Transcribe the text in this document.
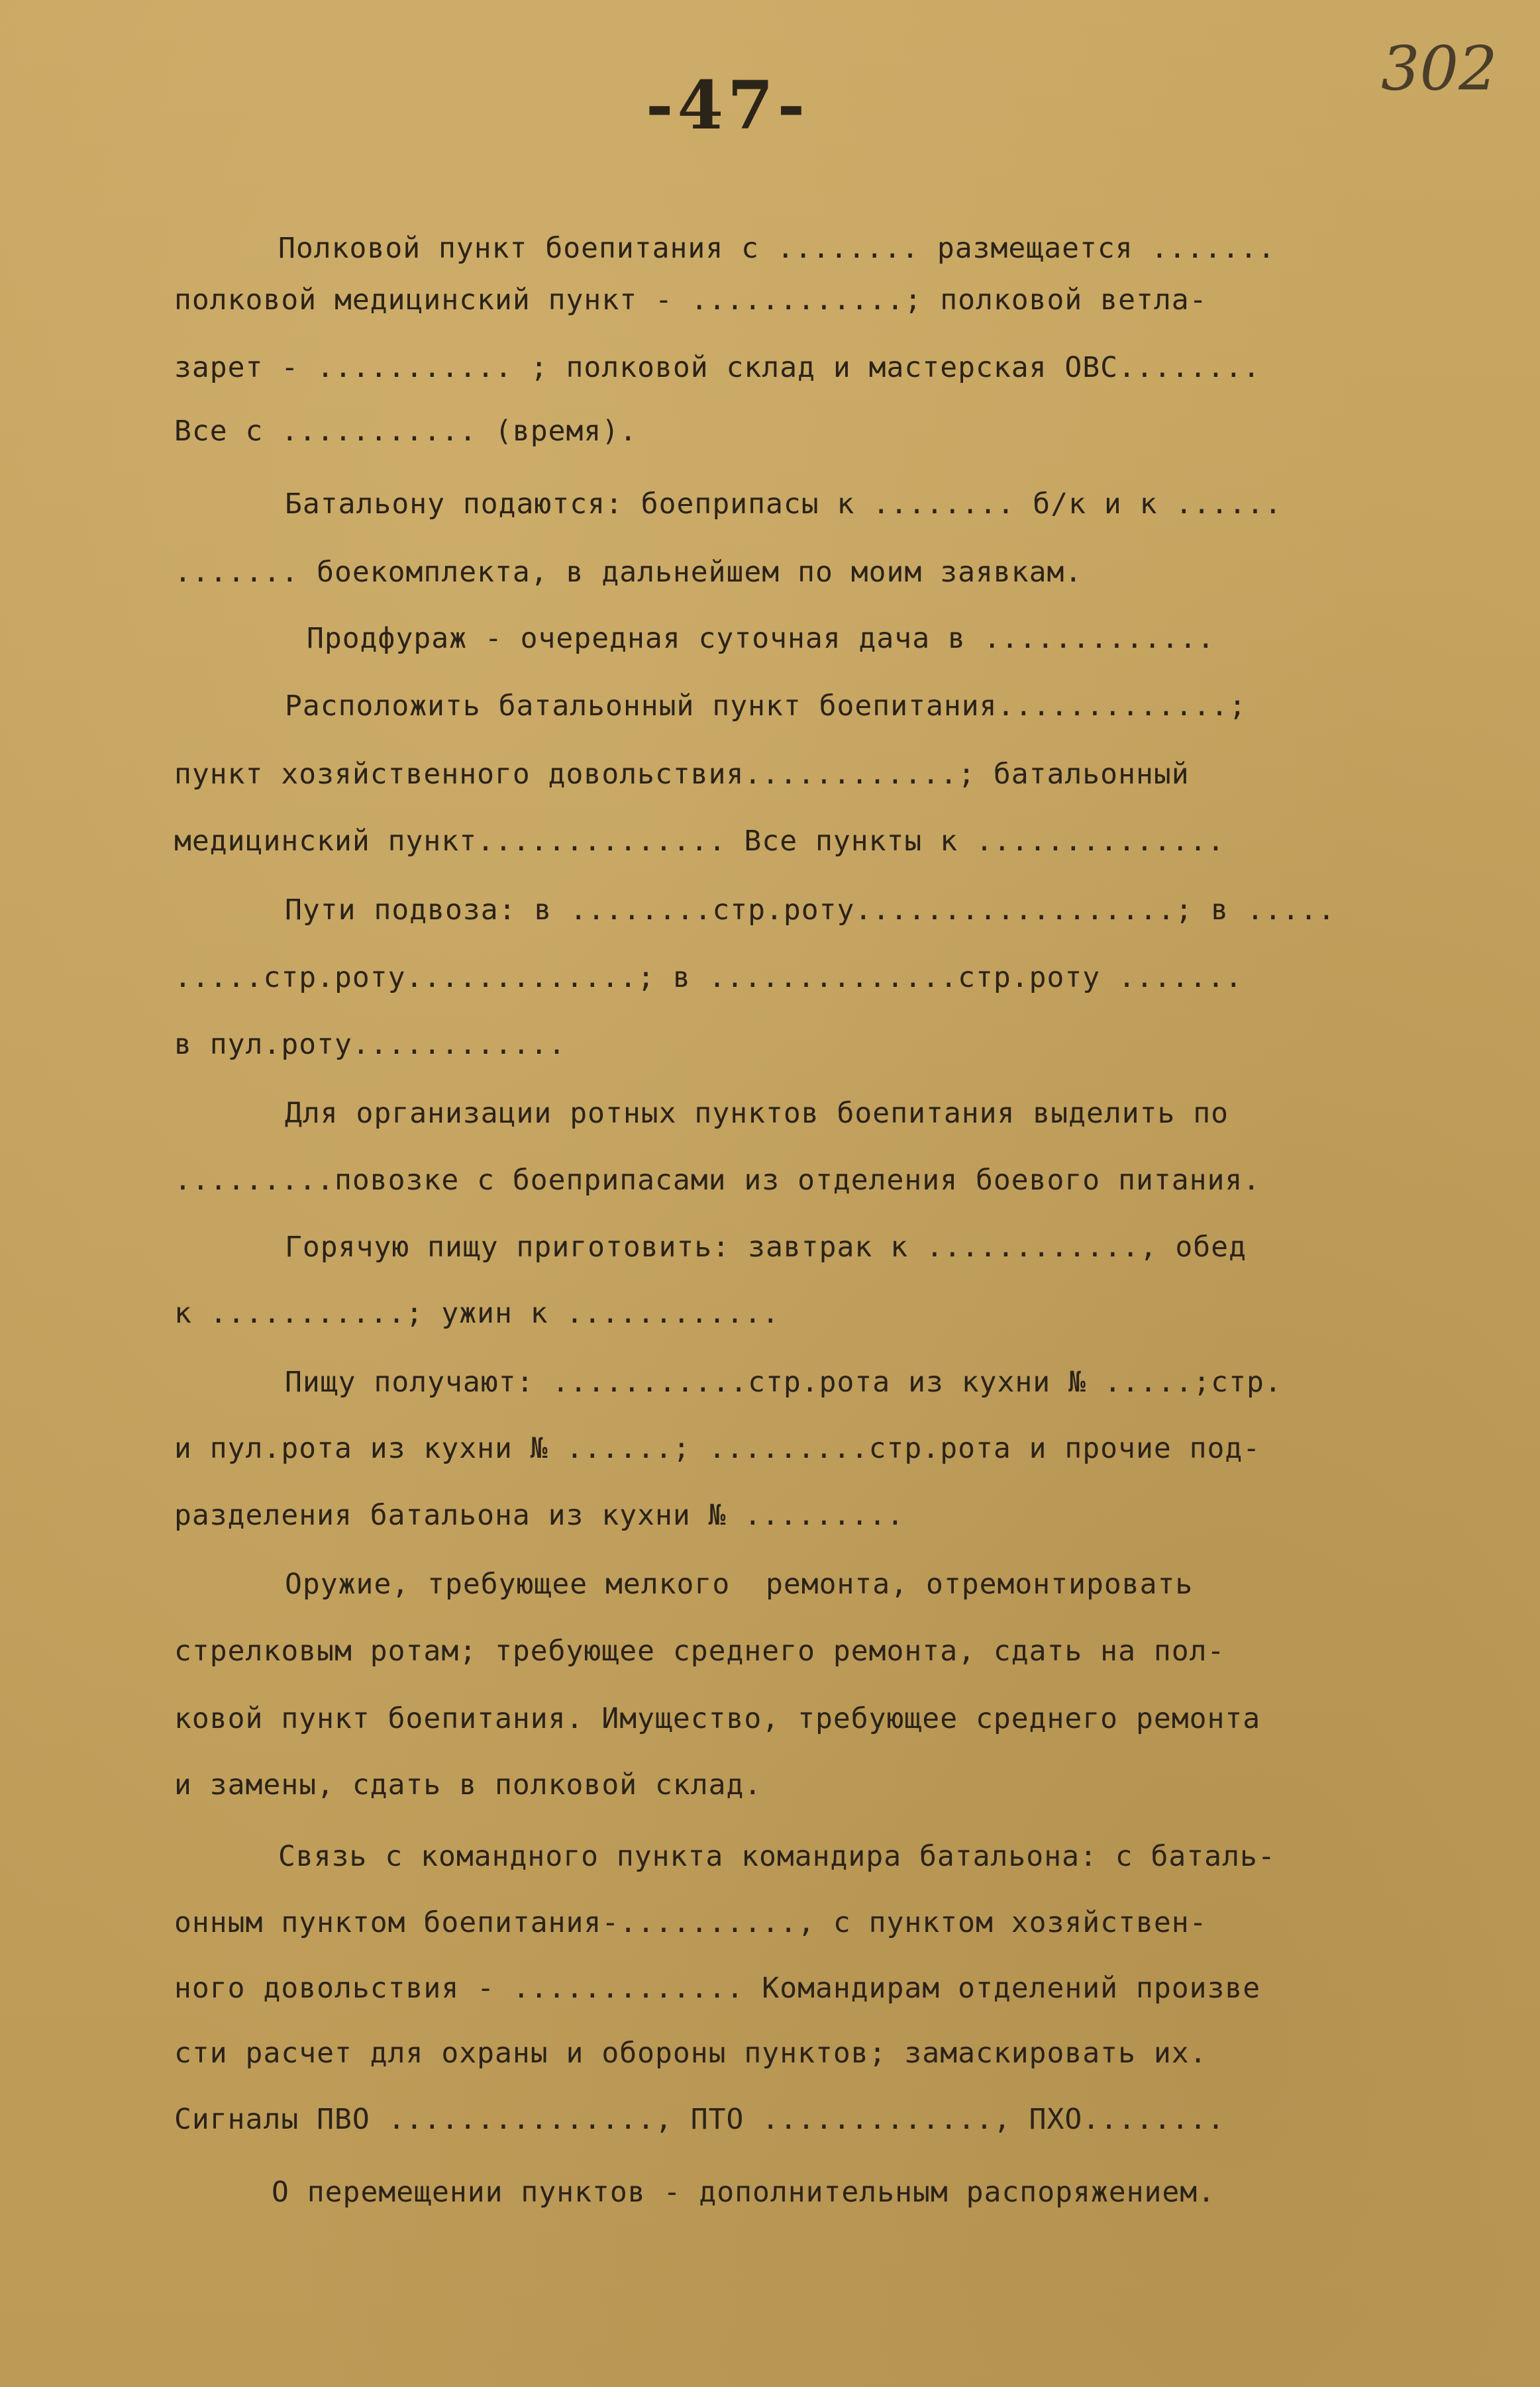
-47-	302
Полковой пункт боепитания с ........ размещается .......
полковой медицинский пункт - ............; полковой ветла-
зарет - ........... ; полковой склад и мастерская ОВС........
Все с ........... (время).
Батальону подаются: боеприпасы к ........ б/к и к ......
....... боекомплекта, в дальнейшем по моим заявкам.
Продфураж - очередная суточная дача в .............
Расположить батальонный пункт боепитания.............;
пункт хозяйственного довольствия............; батальонный
медицинский пункт.............. Все пункты к ..............
Пути подвоза: в ........стр.роту..................; в .....
.....стр.роту.............; в ..............стр.роту .......
в пул.роту............
Для организации ротных пунктов боепитания выделить по
.........повозке с боеприпасами из отделения боевого питания.
Горячую пищу приготовить: завтрак к ............, обед
к ...........; ужин к ............
Пищу получают: ...........стр.рота из кухни № .....;стр.
и пул.рота из кухни № ......; .........стр.рота и прочие под-
разделения батальона из кухни № .........
Оружие, требующее мелкого  ремонта, отремонтировать
стрелковым ротам; требующее среднего ремонта, сдать на пол-
ковой пункт боепитания. Имущество, требующее среднего ремонта
и замены, сдать в полковой склад.
Связь с командного пункта командира батальона: с баталь-
онным пунктом боепитания-.........., с пунктом хозяйствен-
ного довольствия - ............. Командирам отделений произве
сти расчет для охраны и обороны пунктов; замаскировать их.
Сигналы ПВО ..............., ПТО ............., ПХО........
О перемещении пунктов - дополнительным распоряжением.
